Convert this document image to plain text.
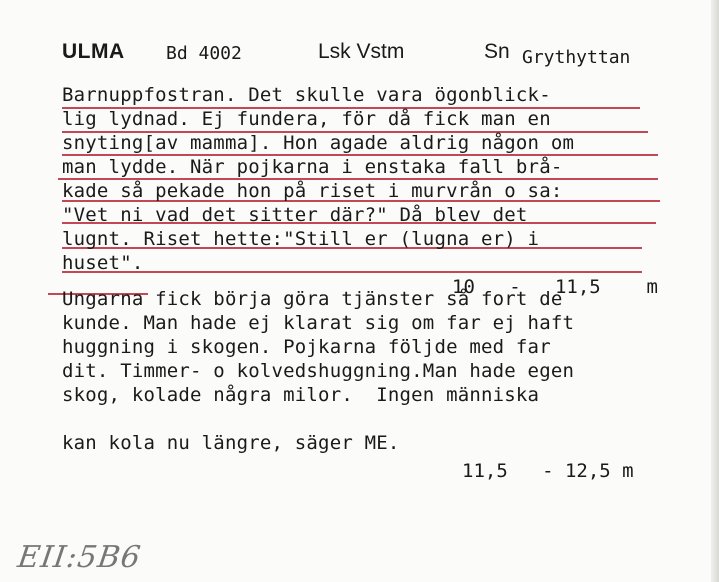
ULMA Bd 4002	Lsk Vstm	Sn Grythyttan
Barnuppfostran. Det skulle vara ögonblick-
lig lydnad. Ej fundera, för då fick man en
snyting[av mamma]. Hon agade aldrig någon om
man lydde. När pojkarna i enstaka fall brå-
kade så pekade hon på riset i murvrån o sa:
"Vet ni vad det sitter där?" Då blev det
lugnt. Riset hette:"Still er (lugna er) i
huset".
Ungarna fick börja göra tjänster så fort de
kunde. Man hade ej klarat sig om far ej haft
huggning i skogen. Pojkarna följde med far
dit. Timmer- o kolvedshuggning.Man hade egen
skog, kolade några milor.  Ingen människa
kan kola nu längre, säger ME.
10   -   11,5    m
11,5   - 12,5 m
EII:5B6
